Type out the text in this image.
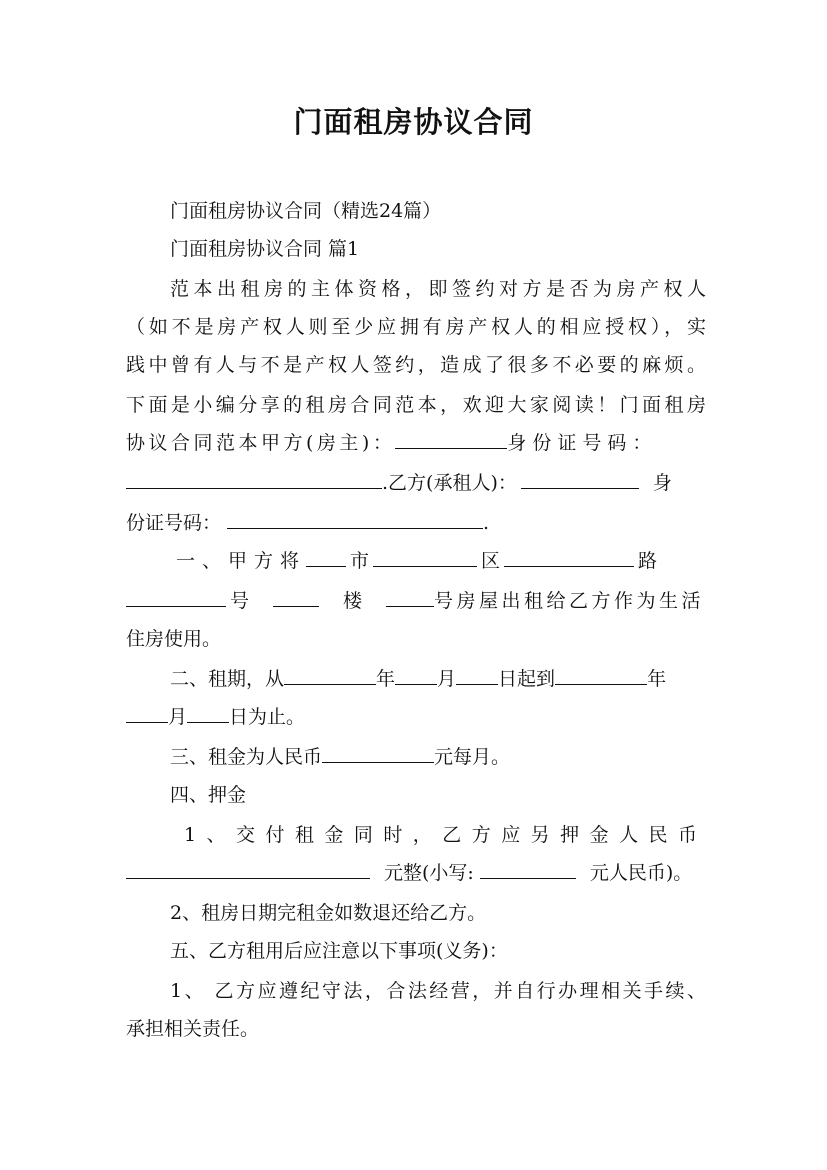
门面租房协议合同

门面租房协议合同（精选24篇）

门面租房协议合同 篇1

范本出租房的主体资格，即签约对方是否为房产权人

（如不是房产权人则至少应拥有房产权人的相应授权），实

践中曾有人与不是产权人签约，造成了很多不必要的麻烦。

下面是小编分享的租房合同范本，欢迎大家阅读！门面租房

协议合同范本甲方(房主)：	身份证号码：

.乙方(承租人)：	身

份证号码：	.

一、甲方将 市	区	路

号	楼	号房屋出租给乙方作为生活

住房使用。

二、租期，从	年 月 日起到	年

月 日为止。

三、租金为人民币	元每月。

四、押金

1、交付租金同时，乙方应另押金人民币

元整(小写:	元人民币)。

2、租房日期完租金如数退还给乙方。

五、乙方租用后应注意以下事项(义务)：

1、 乙方应遵纪守法，合法经营，并自行办理相关手续、

承担相关责任。
